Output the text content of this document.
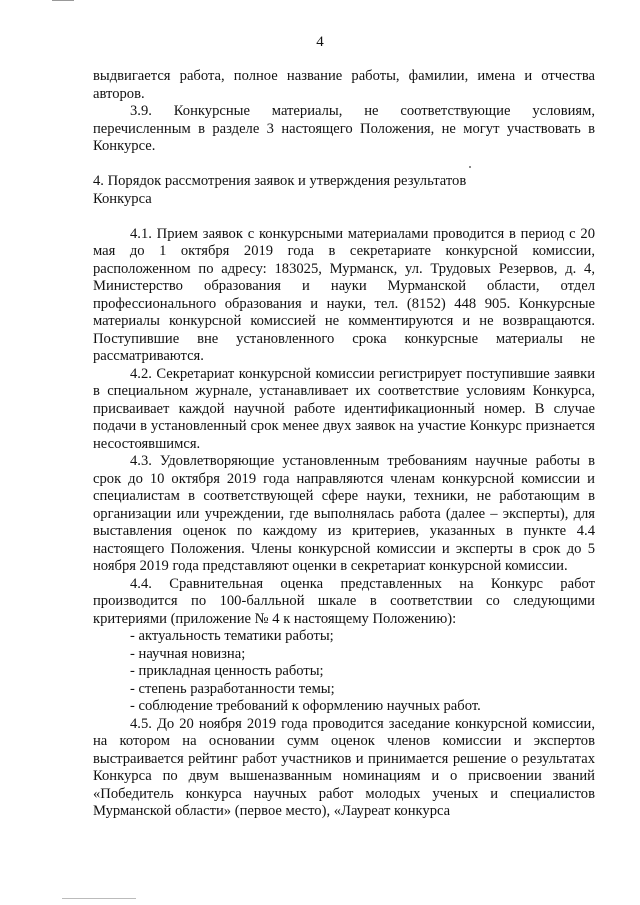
4

выдвигается работа, полное название работы, фамилии, имена и отчества авторов.

3.9. Конкурсные материалы, не соответствующие условиям, перечисленным в разделе 3 настоящего Положения, не могут участвовать в Конкурсе.

4. Порядок рассмотрения заявок и утверждения результатов

Конкурса

4.1. Прием заявок с конкурсными материалами проводится в период с 20 мая до 1 октября 2019 года в секретариате конкурсной комиссии, расположенном по адресу: 183025, Мурманск, ул. Трудовых Резервов, д. 4, Министерство образования и науки Мурманской области, отдел профессионального образования и науки, тел. (8152) 448 905. Конкурсные материалы конкурсной комиссией не комментируются и не возвращаются. Поступившие вне установленного срока конкурсные материалы не рассматриваются.

4.2. Секретариат конкурсной комиссии регистрирует поступившие заявки в специальном журнале, устанавливает их соответствие условиям Конкурса, присваивает каждой научной работе идентификационный номер. В случае подачи в установленный срок менее двух заявок на участие Конкурс признается несостоявшимся.

4.3. Удовлетворяющие установленным требованиям научные работы в срок до 10 октября 2019 года направляются членам конкурсной комиссии и специалистам в соответствующей сфере науки, техники, не работающим в организации или учреждении, где выполнялась работа (далее – эксперты), для выставления оценок по каждому из критериев, указанных в пункте 4.4 настоящего Положения. Члены конкурсной комиссии и эксперты в срок до 5 ноября 2019 года представляют оценки в секретариат конкурсной комиссии.

4.4. Сравнительная оценка представленных на Конкурс работ производится по 100-балльной шкале в соответствии со следующими критериями (приложение № 4 к настоящему Положению):

- актуальность тематики работы;

- научная новизна;

- прикладная ценность работы;

- степень разработанности темы;

- соблюдение требований к оформлению научных работ.

4.5. До 20 ноября 2019 года проводится заседание конкурсной комиссии, на котором на основании сумм оценок членов комиссии и экспертов выстраивается рейтинг работ участников и принимается решение о результатах Конкурса по двум вышеназванным номинациям и о присвоении званий «Победитель конкурса научных работ молодых ученых и специалистов Мурманской области» (первое место), «Лауреат конкурса
